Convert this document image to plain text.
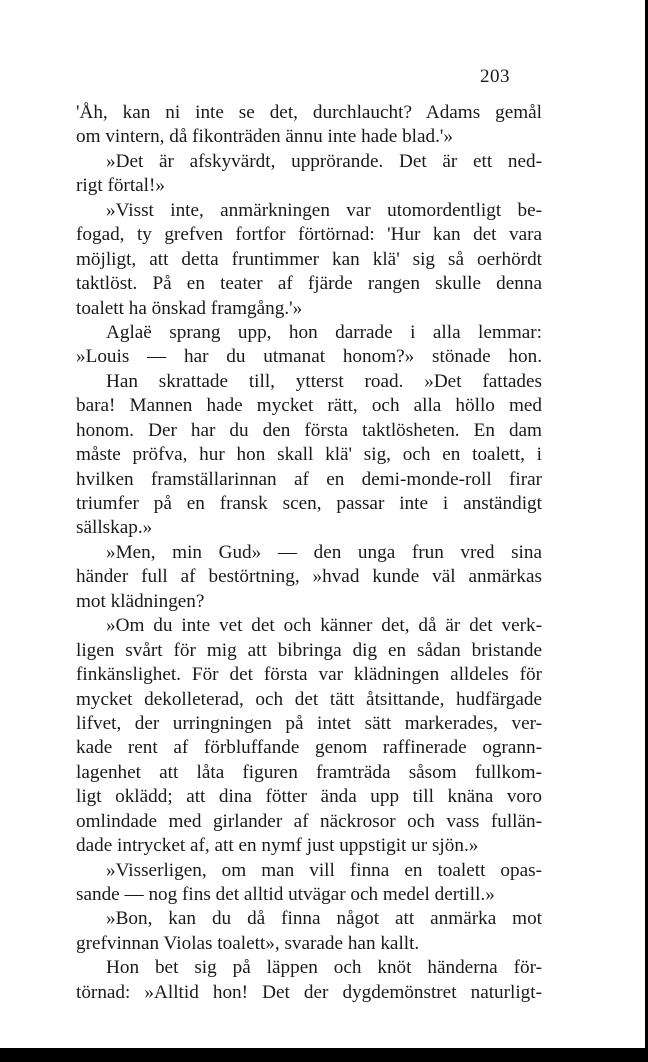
203
'Åh, kan ni inte se det, durchlaucht? Adams gemål
om vintern, då fikonträden ännu inte hade blad.'»
»Det är afskyvärdt, upprörande. Det är ett ned-
rigt förtal!»
»Visst inte, anmärkningen var utomordentligt be-
fogad, ty grefven fortfor förtörnad: 'Hur kan det vara
möjligt, att detta fruntimmer kan klä' sig så oerhördt
taktlöst. På en teater af fjärde rangen skulle denna
toalett ha önskad framgång.'»
Aglaë sprang upp, hon darrade i alla lemmar:
»Louis — har du utmanat honom?» stönade hon.
Han skrattade till, ytterst road. »Det fattades
bara! Mannen hade mycket rätt, och alla höllo med
honom. Der har du den första taktlösheten. En dam
måste pröfva, hur hon skall klä' sig, och en toalett, i
hvilken framställarinnan af en demi-monde-roll firar
triumfer på en fransk scen, passar inte i anständigt
sällskap.»
»Men, min Gud» — den unga frun vred sina
händer full af bestörtning, »hvad kunde väl anmärkas
mot klädningen?
»Om du inte vet det och känner det, då är det verk-
ligen svårt för mig att bibringa dig en sådan bristande
finkänslighet. För det första var klädningen alldeles för
mycket dekolleterad, och det tätt åtsittande, hudfärgade
lifvet, der urringningen på intet sätt markerades, ver-
kade rent af förbluffande genom raffinerade ogrann-
lagenhet att låta figuren framträda såsom fullkom-
ligt oklädd; att dina fötter ända upp till knäna voro
omlindade med girlander af näckrosor och vass fullän-
dade intrycket af, att en nymf just uppstigit ur sjön.»
»Visserligen, om man vill finna en toalett opas-
sande — nog fins det alltid utvägar och medel dertill.»
»Bon, kan du då finna något att anmärka mot
grefvinnan Violas toalett», svarade han kallt.
Hon bet sig på läppen och knöt händerna för-
törnad: »Alltid hon! Det der dygdemönstret naturligt-
